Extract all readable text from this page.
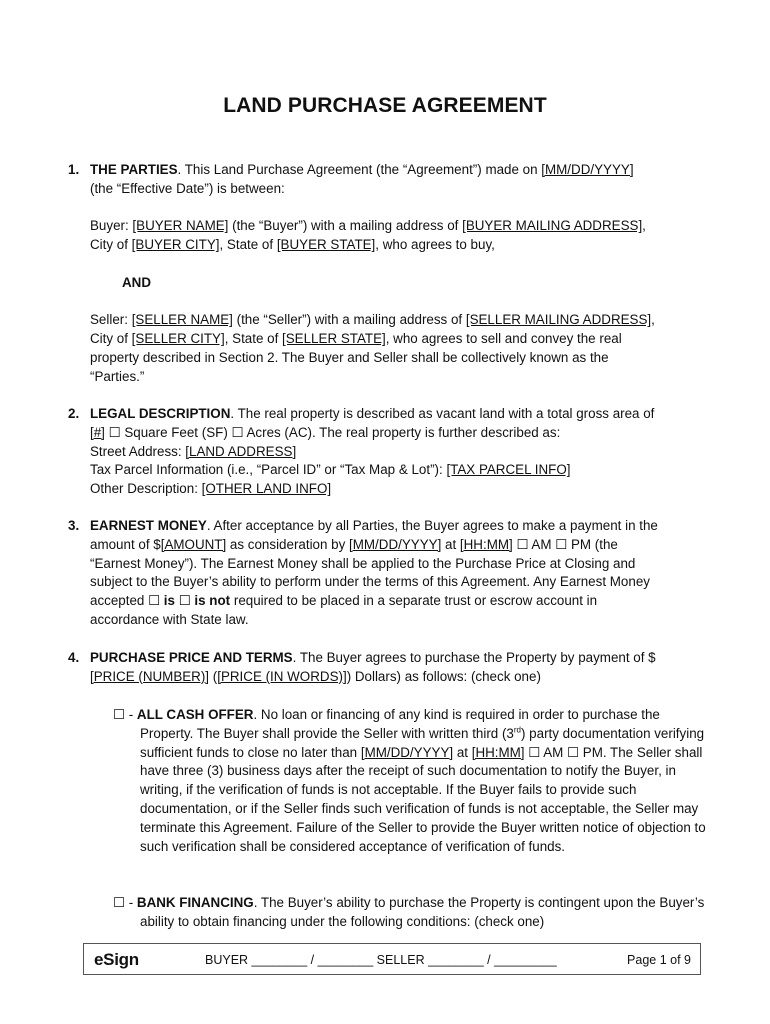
LAND PURCHASE AGREEMENT
1. THE PARTIES. This Land Purchase Agreement (the “Agreement”) made on [MM/DD/YYYY]
(the “Effective Date”) is between:
Buyer: [BUYER NAME] (the “Buyer”) with a mailing address of [BUYER MAILING ADDRESS],
City of [BUYER CITY], State of [BUYER STATE], who agrees to buy,
AND
Seller: [SELLER NAME] (the “Seller”) with a mailing address of [SELLER MAILING ADDRESS],
City of [SELLER CITY], State of [SELLER STATE], who agrees to sell and convey the real
property described in Section 2. The Buyer and Seller shall be collectively known as the
“Parties.”
2. LEGAL DESCRIPTION. The real property is described as vacant land with a total gross area of
[#] ☐ Square Feet (SF) ☐ Acres (AC). The real property is further described as:
Street Address: [LAND ADDRESS]
Tax Parcel Information (i.e., “Parcel ID” or “Tax Map & Lot”): [TAX PARCEL INFO]
Other Description: [OTHER LAND INFO]
3. EARNEST MONEY. After acceptance by all Parties, the Buyer agrees to make a payment in the
amount of $[AMOUNT] as consideration by [MM/DD/YYYY] at [HH:MM] ☐ AM ☐ PM (the
“Earnest Money”). The Earnest Money shall be applied to the Purchase Price at Closing and
subject to the Buyer’s ability to perform under the terms of this Agreement. Any Earnest Money
accepted ☐ is ☐ is not required to be placed in a separate trust or escrow account in
accordance with State law.
4. PURCHASE PRICE AND TERMS. The Buyer agrees to purchase the Property by payment of $
[PRICE (NUMBER)] ([PRICE (IN WORDS)]) Dollars) as follows: (check one)
☐ - ALL CASH OFFER. No loan or financing of any kind is required in order to purchase the Property. The Buyer shall provide the Seller with written third (3rd) party documentation verifying sufficient funds to close no later than [MM/DD/YYYY] at [HH:MM] ☐ AM ☐ PM. The Seller shall have three (3) business days after the receipt of such documentation to notify the Buyer, in writing, if the verification of funds is not acceptable. If the Buyer fails to provide such documentation, or if the Seller finds such verification of funds is not acceptable, the Seller may terminate this Agreement. Failure of the Seller to provide the Buyer written notice of objection to such verification shall be considered acceptance of verification of funds.
☐ - BANK FINANCING. The Buyer’s ability to purchase the Property is contingent upon the Buyer’s ability to obtain financing under the following conditions: (check one)
eSign	BUYER ________ / ________ SELLER ________ / _________	Page 1 of 9
